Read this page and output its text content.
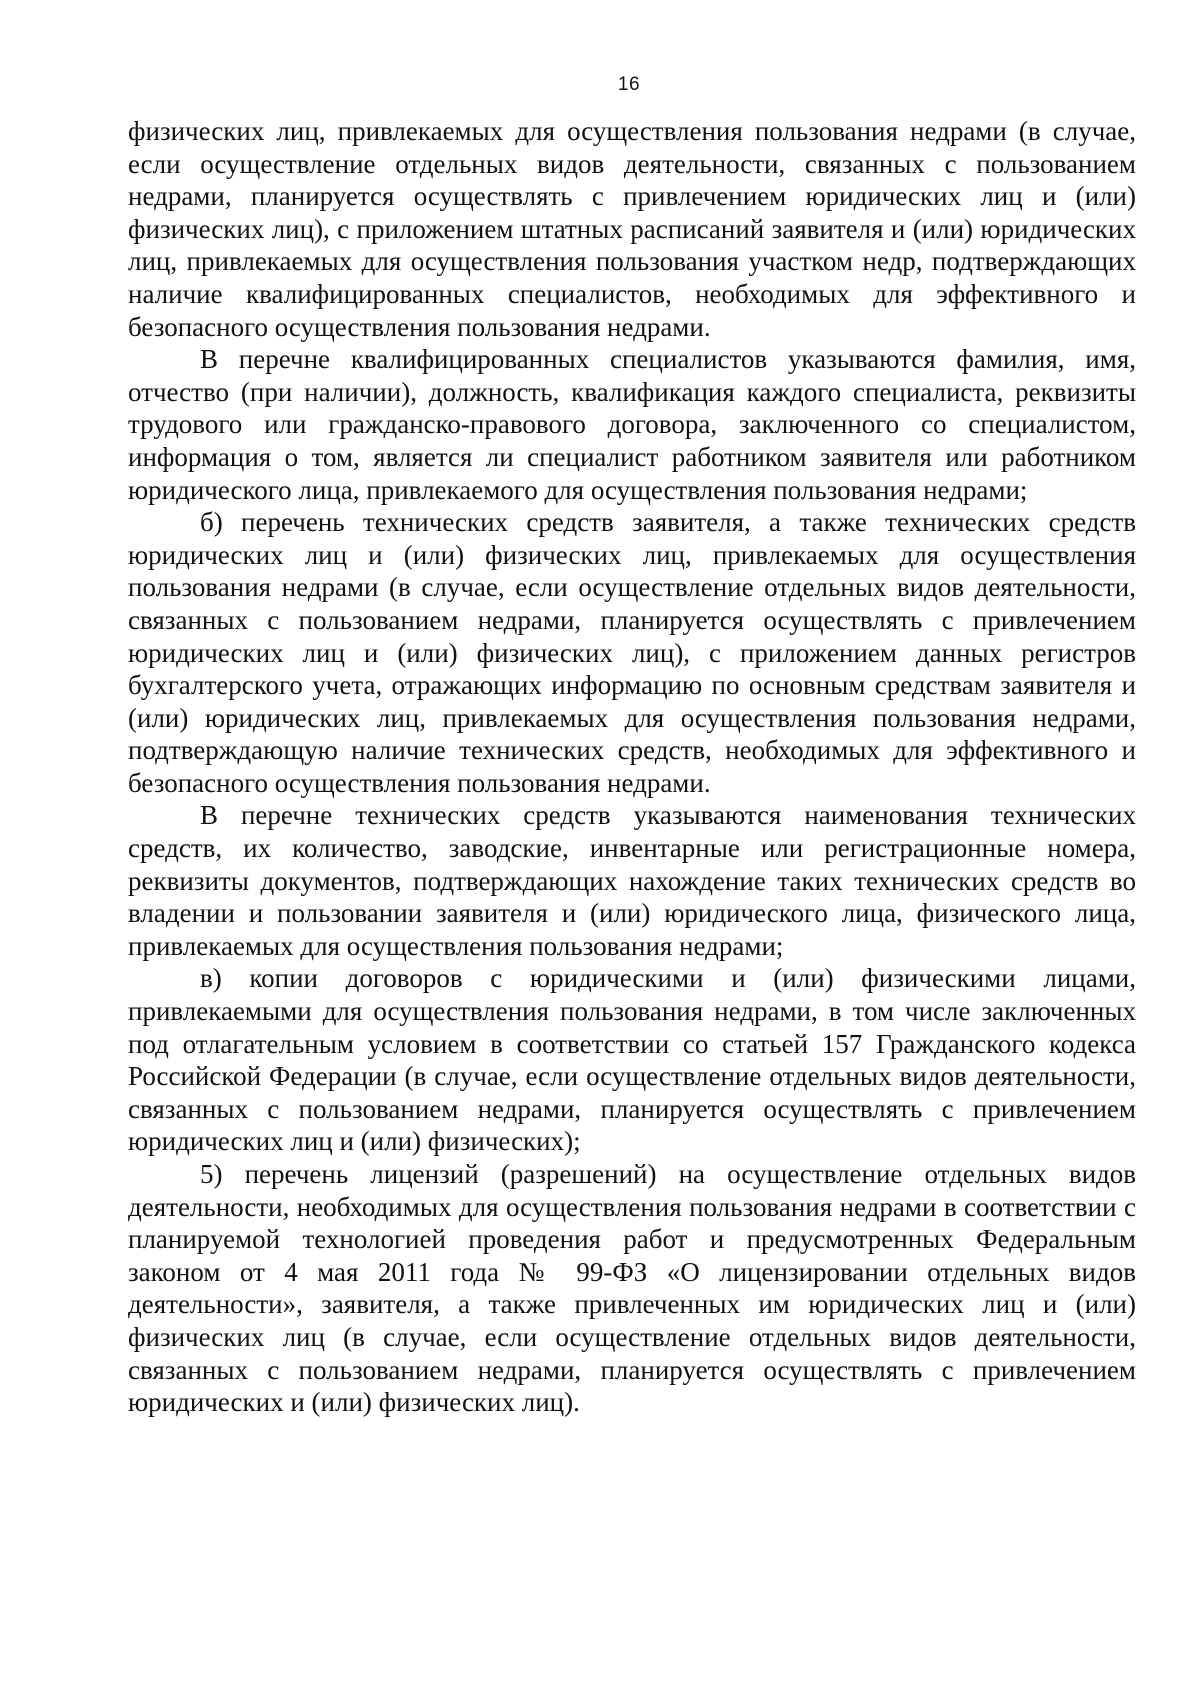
16

физических лиц, привлекаемых для осуществления пользования недрами (в случае, если осуществление отдельных видов деятельности, связанных с пользованием недрами, планируется осуществлять с привлечением юридических лиц и (или) физических лиц), с приложением штатных расписаний заявителя и (или) юридических лиц, привлекаемых для осуществления пользования участком недр, подтверждающих наличие квалифицированных специалистов, необходимых для эффективного и безопасного осуществления пользования недрами.

В перечне квалифицированных специалистов указываются фамилия, имя, отчество (при наличии), должность, квалификация каждого специалиста, реквизиты трудового или гражданско-правового договора, заключенного со специалистом, информация о том, является ли специалист работником заявителя или работником юридического лица, привлекаемого для осуществления пользования недрами;

б) перечень технических средств заявителя, а также технических средств юридических лиц и (или) физических лиц, привлекаемых для осуществления пользования недрами (в случае, если осуществление отдельных видов деятельности, связанных с пользованием недрами, планируется осуществлять с привлечением юридических лиц и (или) физических лиц), с приложением данных регистров бухгалтерского учета, отражающих информацию по основным средствам заявителя и (или) юридических лиц, привлекаемых для осуществления пользования недрами, подтверждающую наличие технических средств, необходимых для эффективного и безопасного осуществления пользования недрами.

В перечне технических средств указываются наименования технических средств, их количество, заводские, инвентарные или регистрационные номера, реквизиты документов, подтверждающих нахождение таких технических средств во владении и пользовании заявителя и (или) юридического лица, физического лица, привлекаемых для осуществления пользования недрами;

в) копии договоров с юридическими и (или) физическими лицами, привлекаемыми для осуществления пользования недрами, в том числе заключенных под отлагательным условием в соответствии со статьей 157 Гражданского кодекса Российской Федерации (в случае, если осуществление отдельных видов деятельности, связанных с пользованием недрами, планируется осуществлять с привлечением юридических лиц и (или) физических);

5) перечень лицензий (разрешений) на осуществление отдельных видов деятельности, необходимых для осуществления пользования недрами в соответствии с планируемой технологией проведения работ и предусмотренных Федеральным законом от 4 мая 2011 года № 99-ФЗ «О лицензировании отдельных видов деятельности», заявителя, а также привлеченных им юридических лиц и (или) физических лиц (в случае, если осуществление отдельных видов деятельности, связанных с пользованием недрами, планируется осуществлять с привлечением юридических и (или) физических лиц).
